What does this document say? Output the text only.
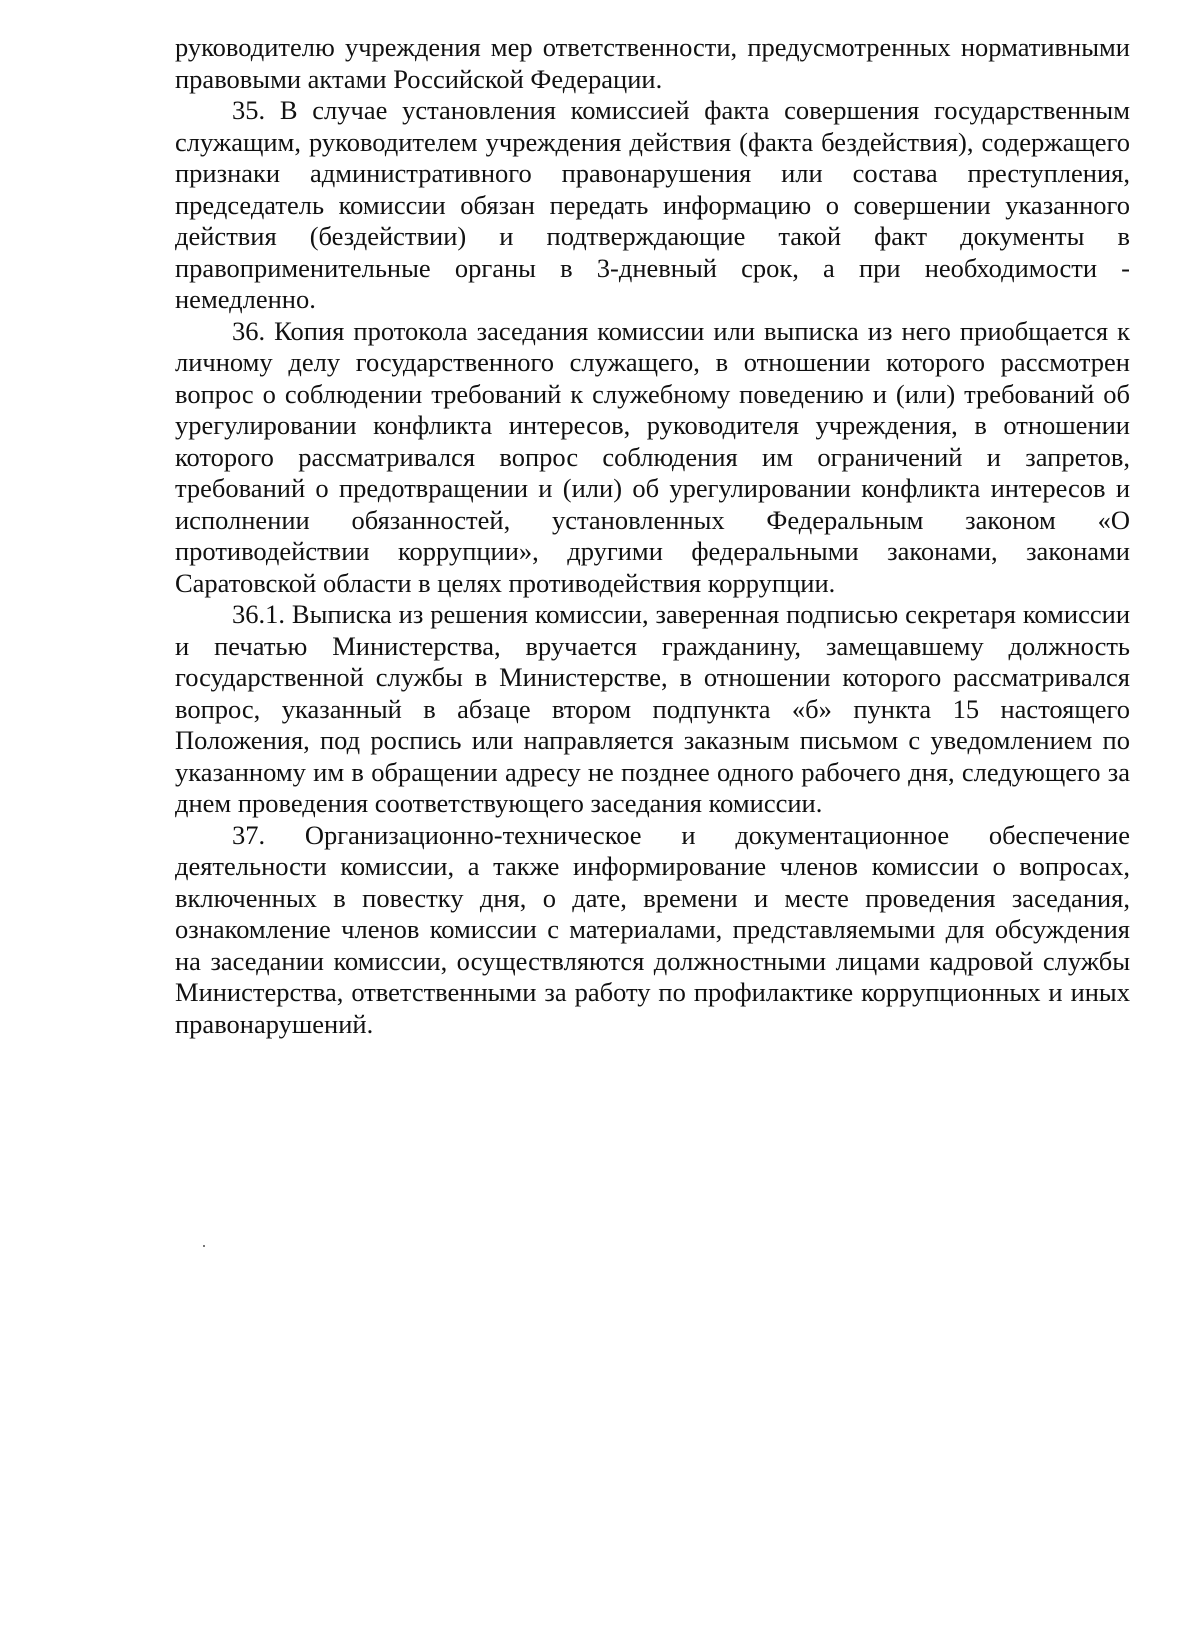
руководителю учреждения мер ответственности, предусмотренных нормативными правовыми актами Российской Федерации.

35. В случае установления комиссией факта совершения государственным служащим, руководителем учреждения действия (факта бездействия), содержащего признаки административного правонарушения или состава преступления, председатель комиссии обязан передать информацию о совершении указанного действия (бездействии) и подтверждающие такой факт документы в правоприменительные органы в 3-дневный срок, а при необходимости - немедленно.

36. Копия протокола заседания комиссии или выписка из него приобщается к личному делу государственного служащего, в отношении которого рассмотрен вопрос о соблюдении требований к служебному поведению и (или) требований об урегулировании конфликта интересов, руководителя учреждения, в отношении которого рассматривался вопрос соблюдения им ограничений и запретов, требований о предотвращении и (или) об урегулировании конфликта интересов и исполнении обязанностей, установленных Федеральным законом «О противодействии коррупции», другими федеральными законами, законами Саратовской области в целях противодействия коррупции.

36.1. Выписка из решения комиссии, заверенная подписью секретаря комиссии и печатью Министерства, вручается гражданину, замещавшему должность государственной службы в Министерстве, в отношении которого рассматривался вопрос, указанный в абзаце втором подпункта «б» пункта 15 настоящего Положения, под роспись или направляется заказным письмом с уведомлением по указанному им в обращении адресу не позднее одного рабочего дня, следующего за днем проведения соответствующего заседания комиссии.

37. Организационно-техническое и документационное обеспечение деятельности комиссии, а также информирование членов комиссии о вопросах, включенных в повестку дня, о дате, времени и месте проведения заседания, ознакомление членов комиссии с материалами, представляемыми для обсуждения на заседании комиссии, осуществляются должностными лицами кадровой службы Министерства, ответственными за работу по профилактике коррупционных и иных правонарушений.
